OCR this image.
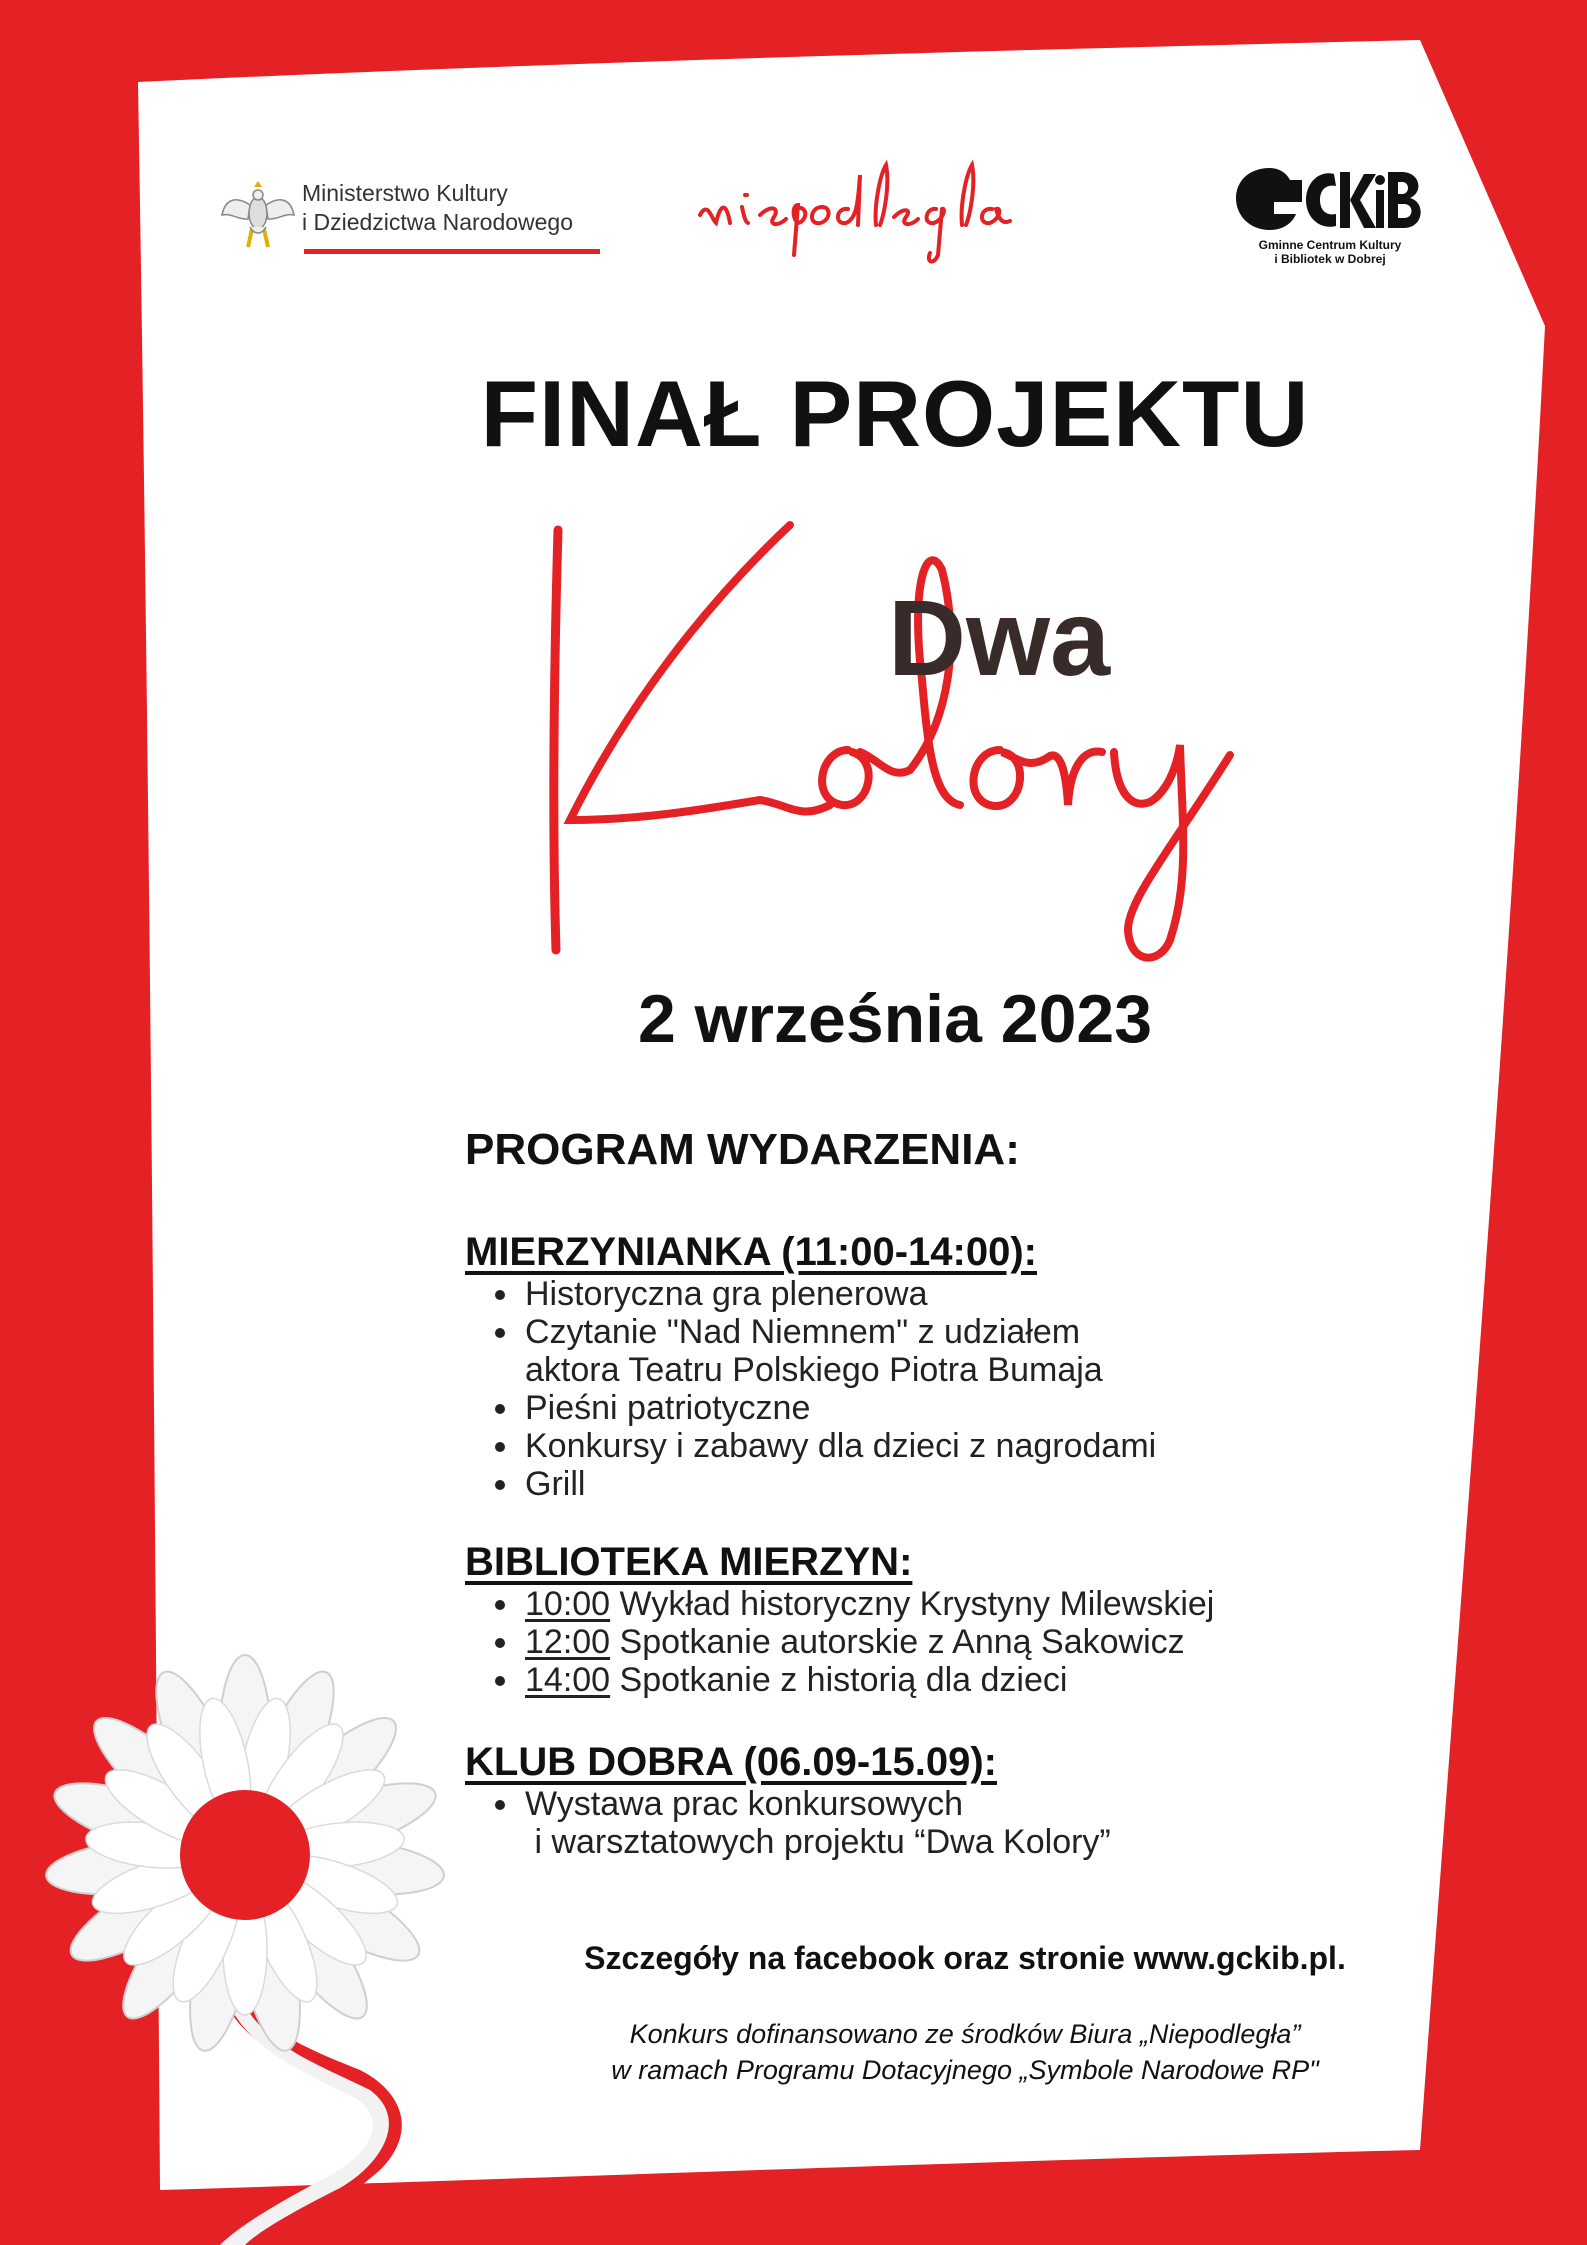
Ministerstwo Kultury
i Dziedzictwa Narodowego
Gminne Centrum Kultury
i Bibliotek w Dobrej
FINAŁ PROJEKTU
Kolory
Dwa
2 września 2023
PROGRAM WYDARZENIA:
MIERZYNIANKA (11:00-14:00):
Historyczna gra plenerowa
Czytanie "Nad Niemnem" z udziałem
aktora Teatru Polskiego Piotra Bumaja
Pieśni patriotyczne
Konkursy i zabawy dla dzieci z nagrodami
Grill
BIBLIOTEKA MIERZYN:
10:00 Wykład historyczny Krystyny Milewskiej
12:00 Spotkanie autorskie z Anną Sakowicz
14:00 Spotkanie z historią dla dzieci
KLUB DOBRA (06.09-15.09):
Wystawa prac konkursowych
i warsztatowych projektu “Dwa Kolory”
Szczegóły na facebook oraz stronie www.gckib.pl.
Konkurs dofinansowano ze środków Biura „Niepodległa”
w ramach Programu Dotacyjnego „Symbole Narodowe RP"
